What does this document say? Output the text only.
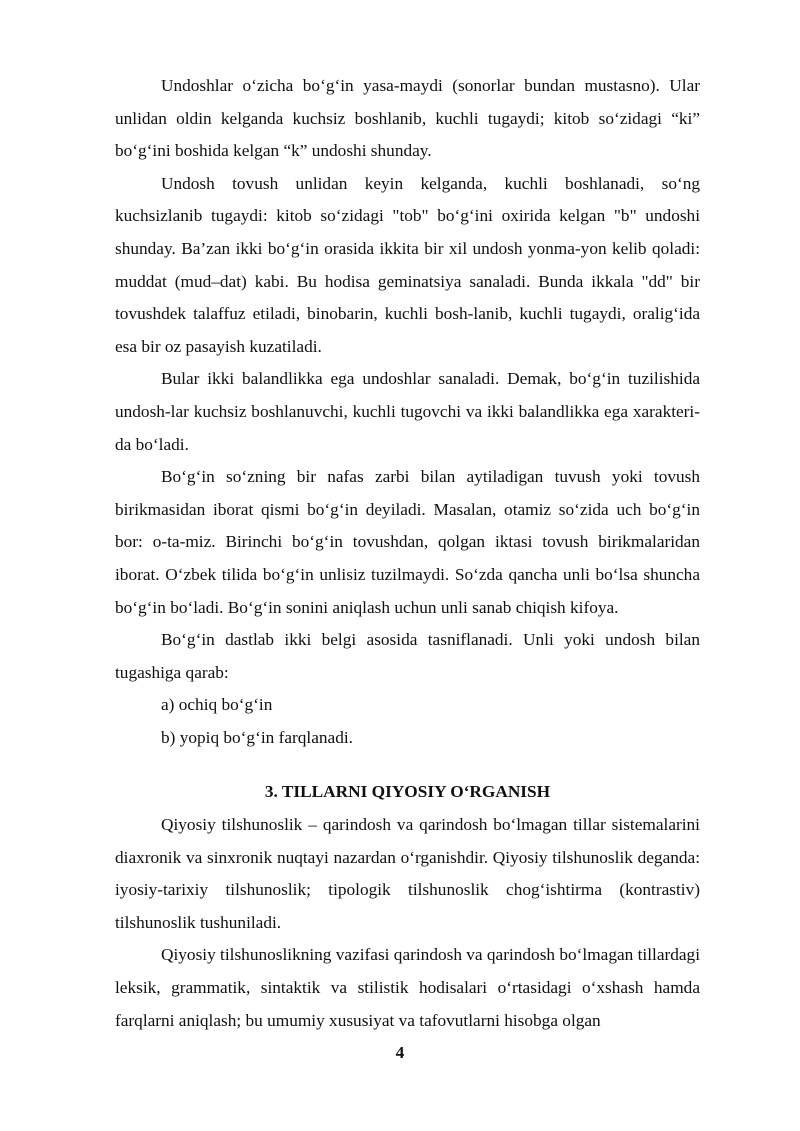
Undoshlar o‘zicha bo‘g‘in yasa-maydi (sonorlar bundan mustasno). Ular unlidan oldin kelganda kuchsiz boshlanib, kuchli tugaydi; kitob so‘zidagi “ki” bo‘g‘ini boshida kelgan “k” undoshi shunday.

Undosh tovush unlidan keyin kelganda, kuchli boshlanadi, so‘ng kuchsizlanib tugaydi: kitob so‘zidagi "tob" bo‘g‘ini oxirida kelgan "b" undoshi shunday. Ba’zan ikki bo‘g‘in orasida ikkita bir xil undosh yonma-yon kelib qoladi: muddat (mud–dat) kabi. Bu hodisa geminatsiya sanaladi. Bunda ikkala "dd" bir tovushdek talaffuz etiladi, binobarin, kuchli bosh-lanib, kuchli tugaydi, oralig‘ida esa bir oz pasayish kuzatiladi.

Bular ikki balandlikka ega undoshlar sanaladi. Demak, bo‘g‘in tuzilishida undosh-lar kuchsiz boshlanuvchi, kuchli tugovchi va ikki balandlikka ega xarakteri-da bo‘ladi.

Bo‘g‘in so‘zning bir nafas zarbi bilan aytiladigan tuvush yoki tovush birikmasidan iborat qismi bo‘g‘in deyiladi. Masalan, otamiz so‘zida uch bo‘g‘in bor: o-ta-miz. Birinchi bo‘g‘in tovushdan, qolgan iktasi tovush birikmalaridan iborat. O‘zbek tilida bo‘g‘in unlisiz tuzilmaydi. So‘zda qancha unli bo‘lsa shuncha bo‘g‘in bo‘ladi. Bo‘g‘in sonini aniqlash uchun unli sanab chiqish kifoya.

Bo‘g‘in dastlab ikki belgi asosida tasniflanadi. Unli yoki undosh bilan tugashiga qarab:

a) ochiq bo‘g‘in

b) yopiq bo‘g‘in farqlanadi.

3. TILLARNI QIYOSIY O‘RGANISH

Qiyosiy tilshunoslik – qarindosh va qarindosh bo‘lmagan tillar sistemalarini diaxronik va sinxronik nuqtayi nazardan o‘rganishdir. Qiyosiy tilshunoslik deganda: iyosiy-tarixiy tilshunoslik; tipologik tilshunoslik chog‘ishtirma (kontrastiv) tilshunoslik tushuniladi.

Qiyosiy tilshunoslikning vazifasi qarindosh va qarindosh bo‘lmagan tillardagi leksik, grammatik, sintaktik va stilistik hodisalari o‘rtasidagi o‘xshash hamda farqlarni aniqlash; bu umumiy xususiyat va tafovutlarni hisobga olgan

4
